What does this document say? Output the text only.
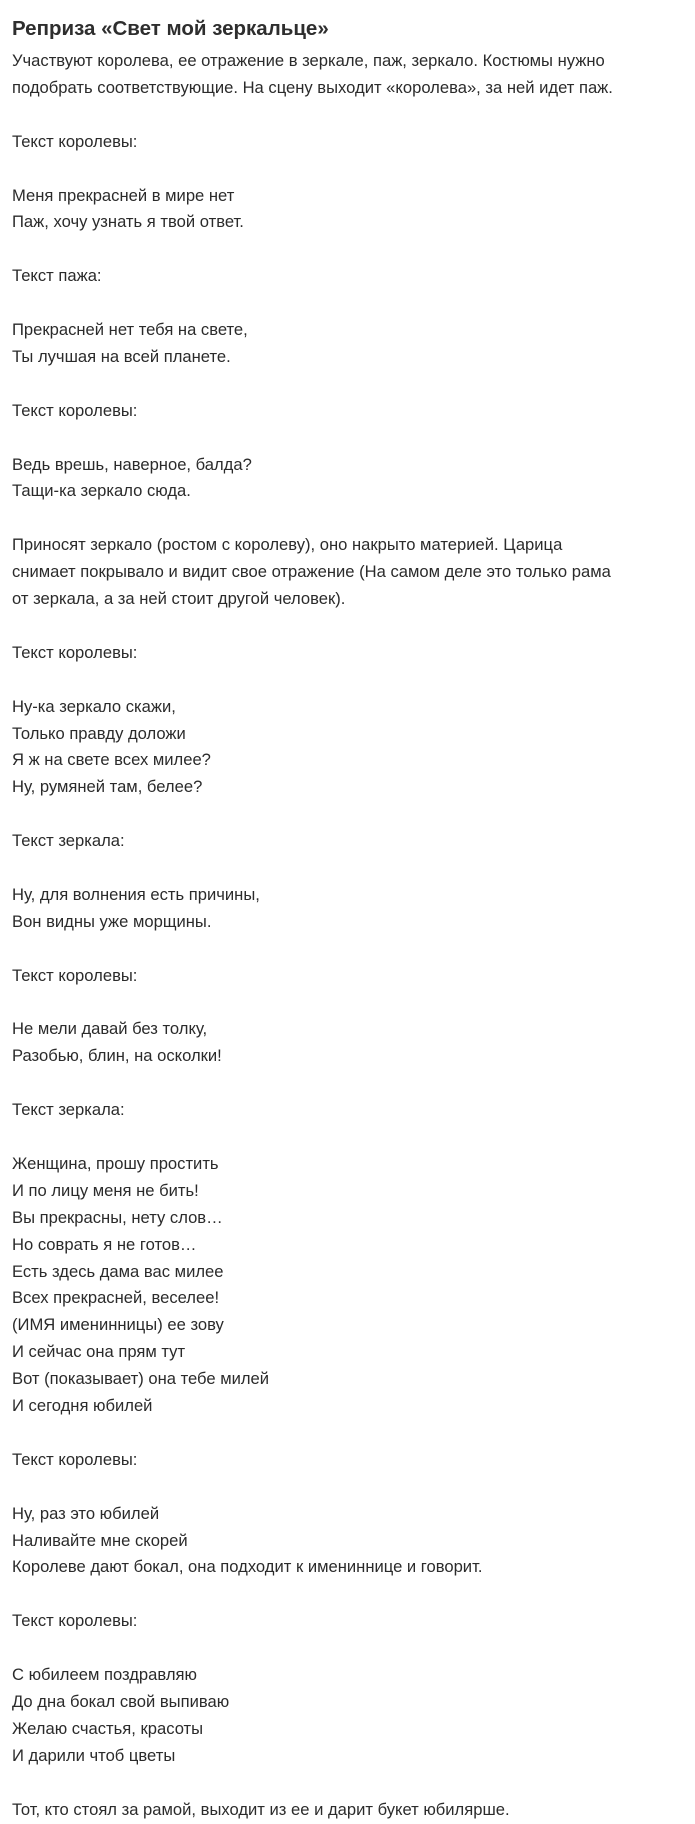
Реприза «Свет мой зеркальце»

Участвуют королева, ее отражение в зеркале, паж, зеркало. Костюмы нужно
подобрать соответствующие. На сцену выходит «королева», за ней идет паж.

Текст королевы:

Меня прекрасней в мире нет
Паж, хочу узнать я твой ответ.

Текст пажа:

Прекрасней нет тебя на свете,
Ты лучшая на всей планете.

Текст королевы:

Ведь врешь, наверное, балда?
Тащи-ка зеркало сюда.

Приносят зеркало (ростом с королеву), оно накрыто материей. Царица
снимает покрывало и видит свое отражение (На самом деле это только рама
от зеркала, а за ней стоит другой человек).

Текст королевы:

Ну-ка зеркало скажи,
Только правду доложи
Я ж на свете всех милее?
Ну, румяней там, белее?

Текст зеркала:

Ну, для волнения есть причины,
Вон видны уже морщины.

Текст королевы:

Не мели давай без толку,
Разобью, блин, на осколки!

Текст зеркала:

Женщина, прошу простить
И по лицу меня не бить!
Вы прекрасны, нету слов…
Но соврать я не готов…
Есть здесь дама вас милее
Всех прекрасней, веселее!
(ИМЯ именинницы) ее зову
И сейчас она прям тут
Вот (показывает) она тебе милей
И сегодня юбилей

Текст королевы:

Ну, раз это юбилей
Наливайте мне скорей
Королеве дают бокал, она подходит к имениннице и говорит.

Текст королевы:

С юбилеем поздравляю
До дна бокал свой выпиваю
Желаю счастья, красоты
И дарили чтоб цветы

Тот, кто стоял за рамой, выходит из ее и дарит букет юбилярше.
